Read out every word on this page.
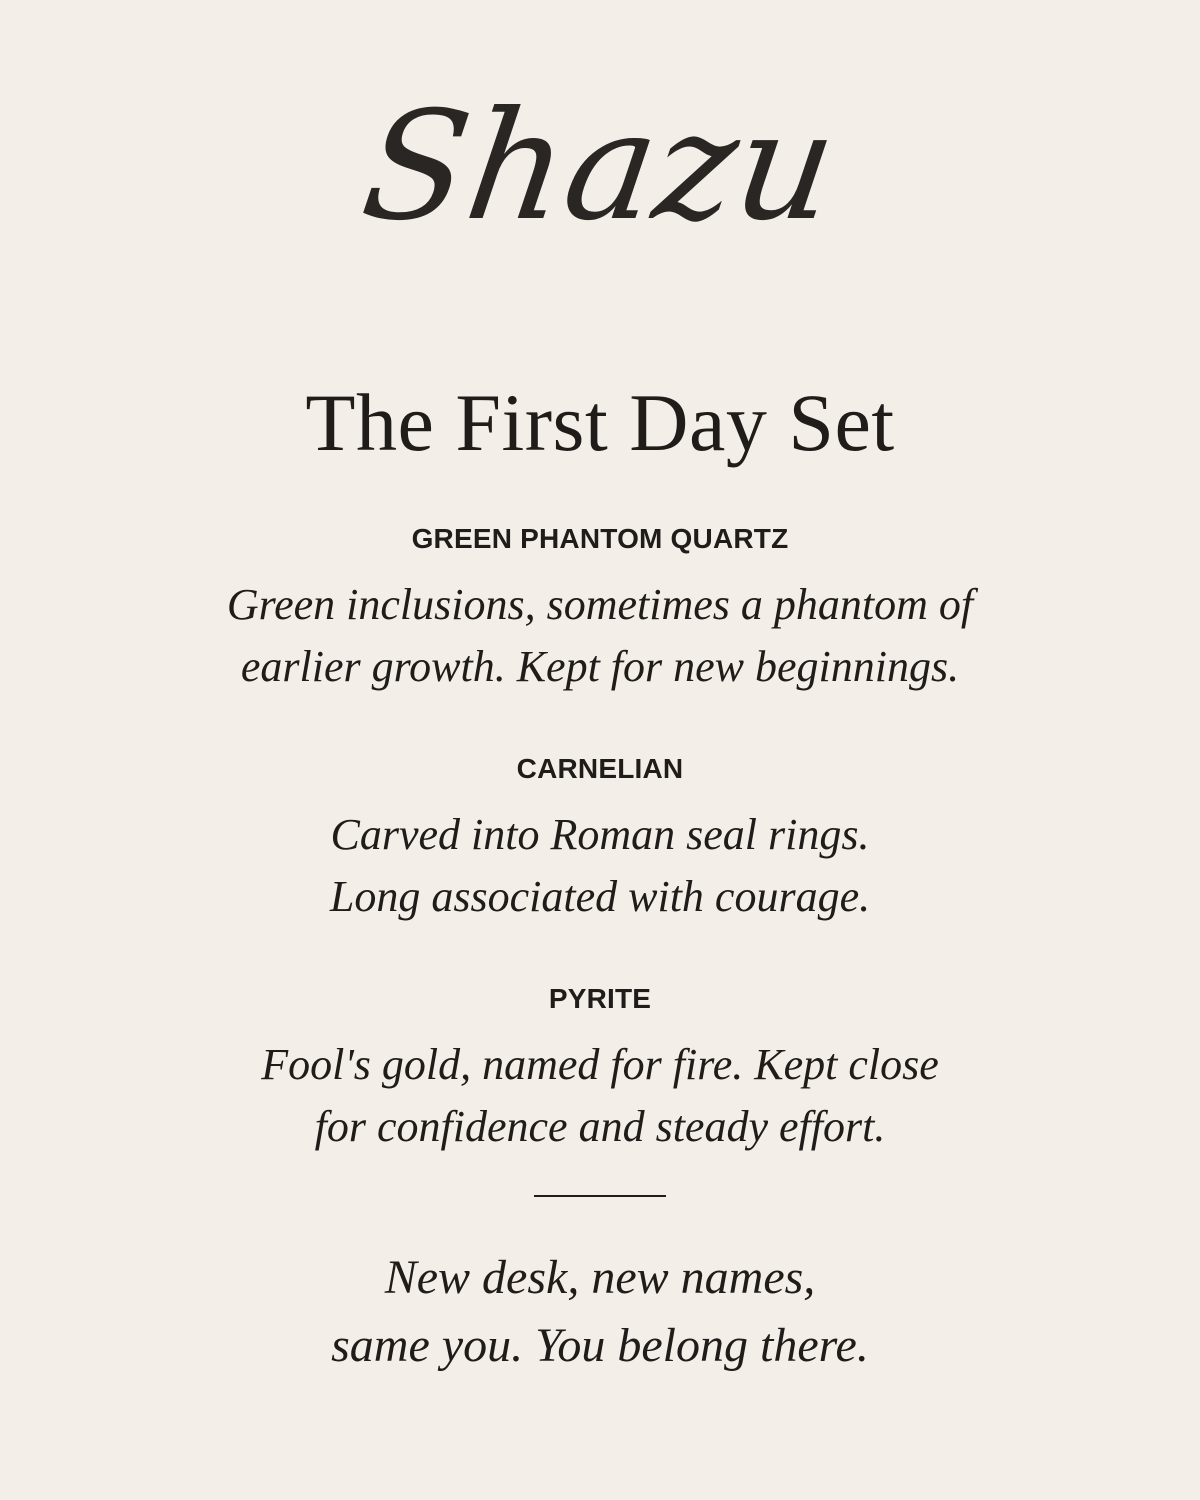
Shazu
The First Day Set
GREEN PHANTOM QUARTZ
Green inclusions, sometimes a phantom of
earlier growth. Kept for new beginnings.
CARNELIAN
Carved into Roman seal rings.
Long associated with courage.
PYRITE
Fool's gold, named for fire. Kept close
for confidence and steady effort.
New desk, new names,
same you. You belong there.
